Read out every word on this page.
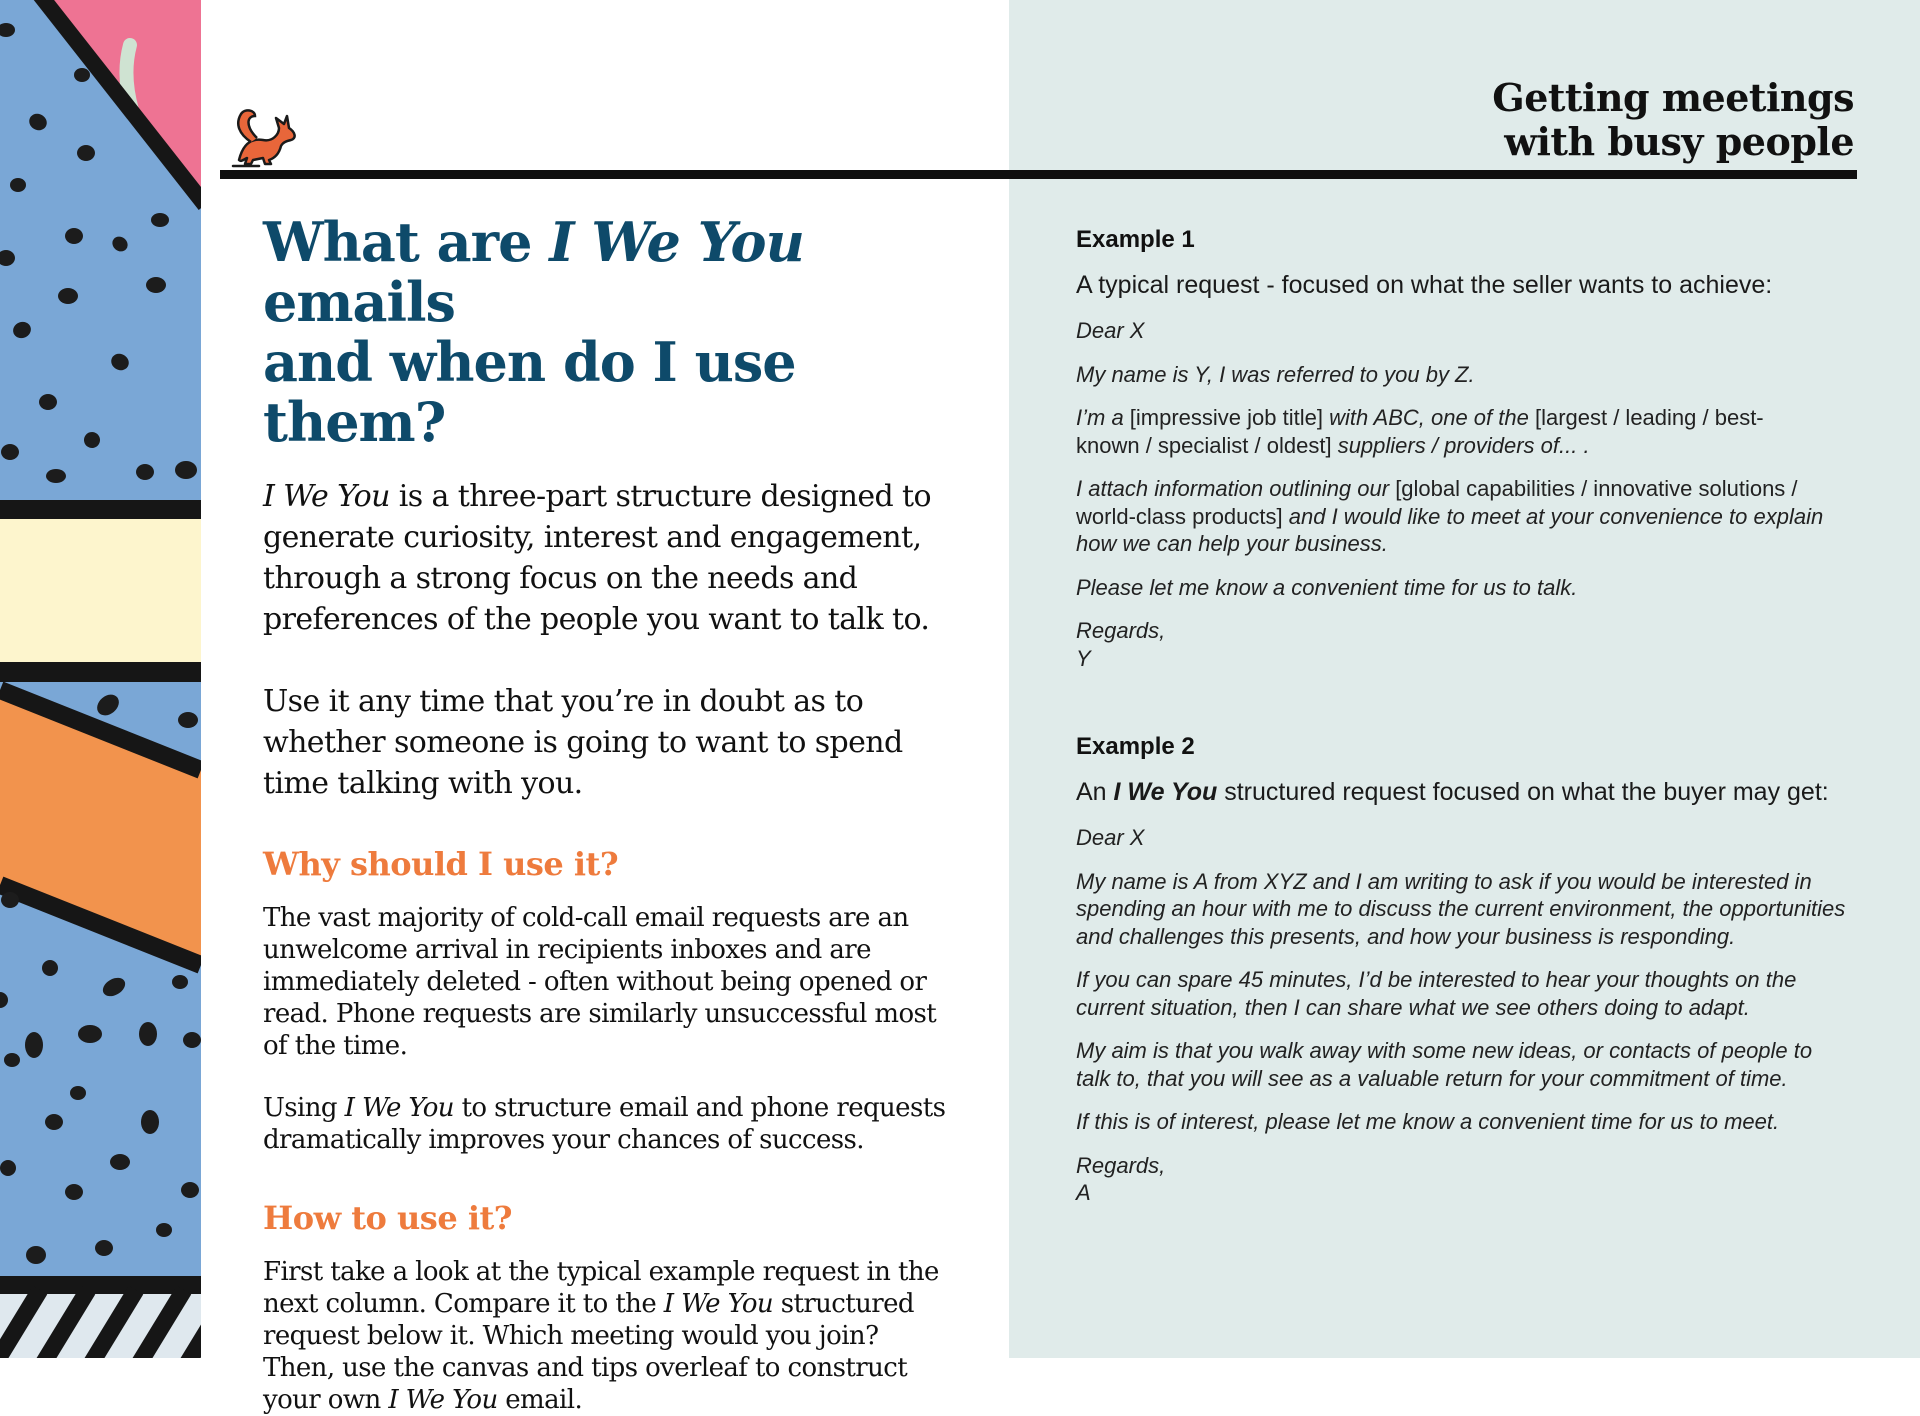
Getting meetings
with busy people
What are I We You emails
and when do I use them?

I We You is a three-part structure designed to
generate curiosity, interest and engagement,
through a strong focus on the needs and
preferences of the people you want to talk to.

Use it any time that you’re in doubt as to
whether someone is going to want to spend
time talking with you.

Why should I use it?

The vast majority of cold-call email requests are an
unwelcome arrival in recipients inboxes and are
immediately deleted - often without being opened or
read. Phone requests are similarly unsuccessful most
of the time.

Using I We You to structure email and phone requests
dramatically improves your chances of success.

How to use it?

First take a look at the typical example request in the
next column. Compare it to the I We You structured
request below it. Which meeting would you join?
Then, use the canvas and tips overleaf to construct
your own I We You email.

Example 1
A typical request - focused on what the seller wants to achieve:
Dear X
My name is Y, I was referred to you by Z.
I’m a [impressive job title] with ABC, one of the [largest / leading / best-
known / specialist / oldest] suppliers / providers of... .
I attach information outlining our [global capabilities / innovative solutions /
world-class products] and I would like to meet at your convenience to explain
how we can help your business.
Please let me know a convenient time for us to talk.
Regards,
Y
Example 2
An I We You structured request focused on what the buyer may get:
Dear X
My name is A from XYZ and I am writing to ask if you would be interested in
spending an hour with me to discuss the current environment, the opportunities
and challenges this presents, and how your business is responding.
If you can spare 45 minutes, I’d be interested to hear your thoughts on the
current situation, then I can share what we see others doing to adapt.
My aim is that you walk away with some new ideas, or contacts of people to
talk to, that you will see as a valuable return for your commitment of time.
If this is of interest, please let me know a convenient time for us to meet.
Regards,
A
